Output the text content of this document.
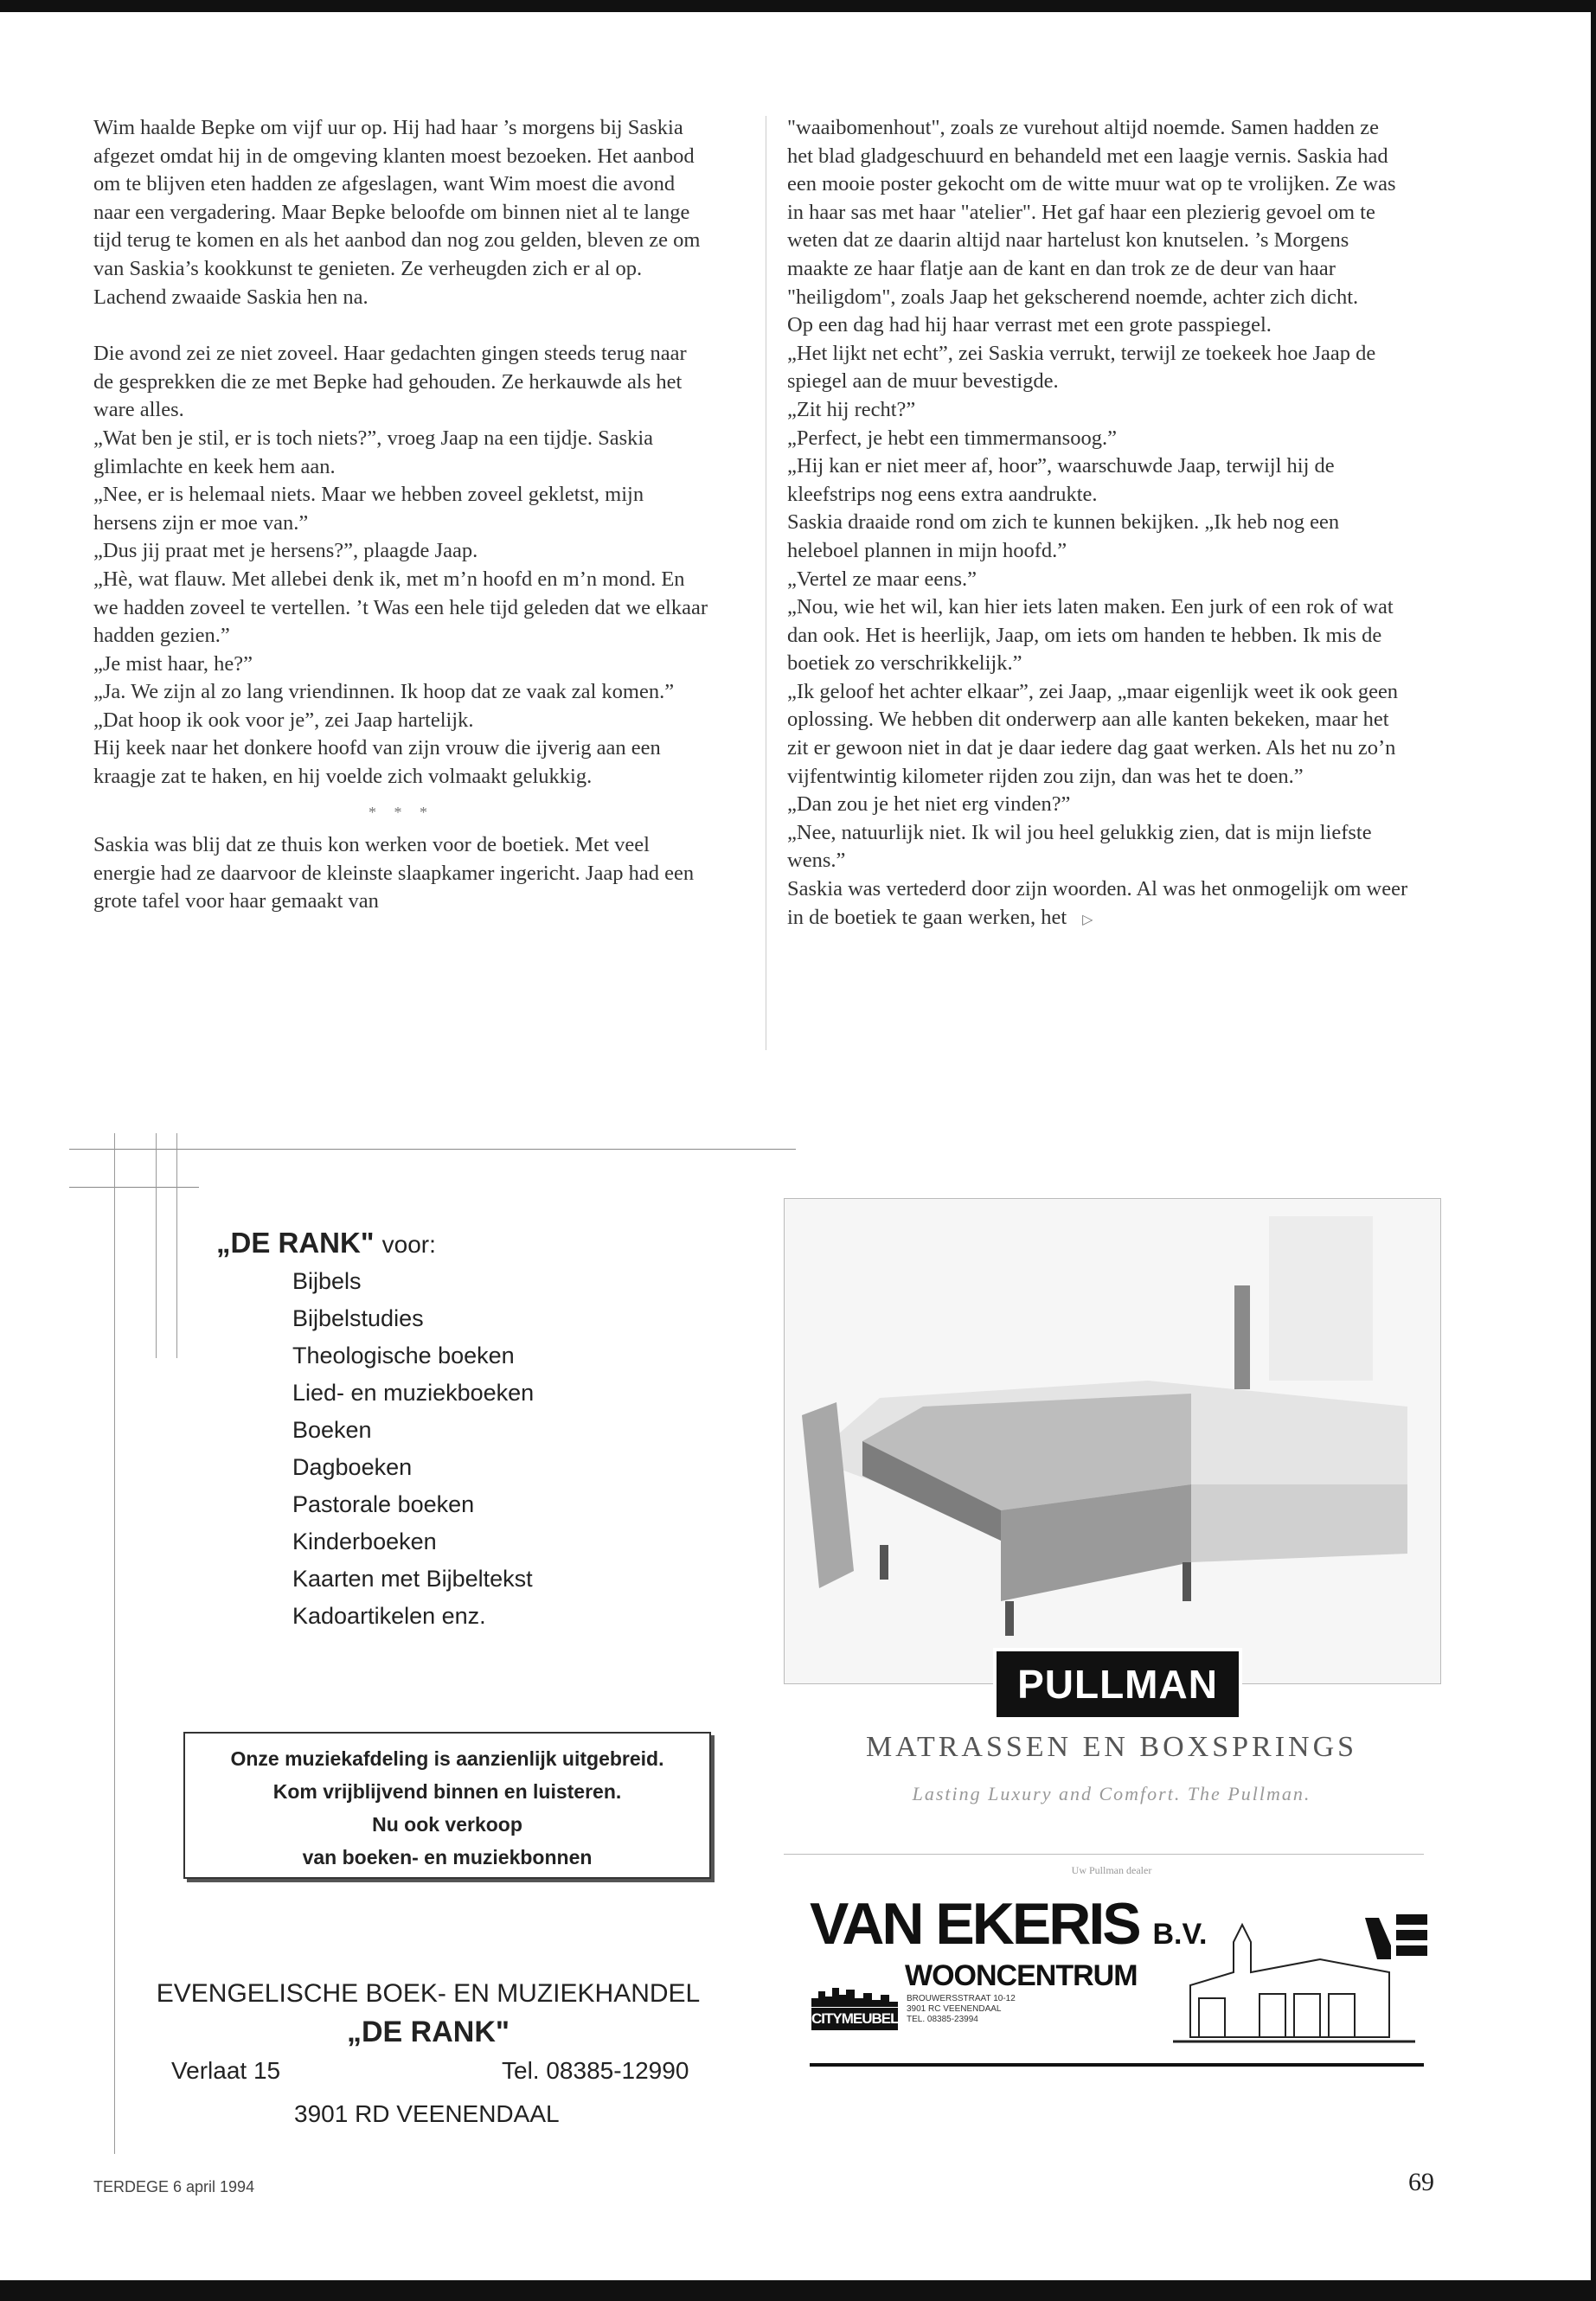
Wim haalde Bepke om vijf uur op. Hij had haar ’s morgens bij Saskia afgezet omdat hij in de omgeving klanten moest bezoeken. Het aanbod om te blijven eten hadden ze afgeslagen, want Wim moest die avond naar een vergadering. Maar Bepke beloofde om binnen niet al te lange tijd terug te komen en als het aanbod dan nog zou gelden, bleven ze om van Saskia’s kookkunst te genieten. Ze verheugden zich er al op.

Lachend zwaaide Saskia hen na.

Die avond zei ze niet zoveel. Haar gedachten gingen steeds terug naar de gesprekken die ze met Bepke had gehouden. Ze herkauwde als het ware alles.

„Wat ben je stil, er is toch niets?”, vroeg Jaap na een tijdje. Saskia glimlachte en keek hem aan.

„Nee, er is helemaal niets. Maar we hebben zoveel gekletst, mijn hersens zijn er moe van.”

„Dus jij praat met je hersens?”, plaagde Jaap.

„Hè, wat flauw. Met allebei denk ik, met m’n hoofd en m’n mond. En we hadden zoveel te vertellen. ’t Was een hele tijd geleden dat we elkaar hadden gezien.”

„Je mist haar, he?”

„Ja. We zijn al zo lang vriendinnen. Ik hoop dat ze vaak zal komen.”

„Dat hoop ik ook voor je”, zei Jaap hartelijk.

Hij keek naar het donkere hoofd van zijn vrouw die ijverig aan een kraagje zat te haken, en hij voelde zich volmaakt gelukkig.

* * *

Saskia was blij dat ze thuis kon werken voor de boetiek. Met veel energie had ze daarvoor de kleinste slaapkamer ingericht. Jaap had een grote tafel voor haar gemaakt van

"waaibomenhout", zoals ze vurehout altijd noemde. Samen hadden ze het blad gladgeschuurd en behandeld met een laagje vernis. Saskia had een mooie poster gekocht om de witte muur wat op te vrolijken. Ze was in haar sas met haar "atelier". Het gaf haar een plezierig gevoel om te weten dat ze daarin altijd naar hartelust kon knutselen. ’s Morgens maakte ze haar flatje aan de kant en dan trok ze de deur van haar "heiligdom", zoals Jaap het gekscherend noemde, achter zich dicht.

Op een dag had hij haar verrast met een grote passpiegel.

„Het lijkt net echt”, zei Saskia verrukt, terwijl ze toekeek hoe Jaap de spiegel aan de muur bevestigde.

„Zit hij recht?”

„Perfect, je hebt een timmermansoog.”

„Hij kan er niet meer af, hoor”, waarschuwde Jaap, terwijl hij de kleefstrips nog eens extra aandrukte.

Saskia draaide rond om zich te kunnen bekijken. „Ik heb nog een heleboel plannen in mijn hoofd.”

„Vertel ze maar eens.”

„Nou, wie het wil, kan hier iets laten maken. Een jurk of een rok of wat dan ook. Het is heerlijk, Jaap, om iets om handen te hebben. Ik mis de boetiek zo verschrikkelijk.”

„Ik geloof het achter elkaar”, zei Jaap, „maar eigenlijk weet ik ook geen oplossing. We hebben dit onderwerp aan alle kanten bekeken, maar het zit er gewoon niet in dat je daar iedere dag gaat werken. Als het nu zo’n vijfentwintig kilometer rijden zou zijn, dan was het te doen.”

„Dan zou je het niet erg vinden?”

„Nee, natuurlijk niet. Ik wil jou heel gelukkig zien, dat is mijn liefste wens.”

Saskia was vertederd door zijn woorden. Al was het onmogelijk om weer in de boetiek te gaan werken, het ▷

„DE RANK" voor:
Bijbels
Bijbelstudies
Theologische boeken
Lied- en muziekboeken
Boeken
Dagboeken
Pastorale boeken
Kinderboeken
Kaarten met Bijbeltekst
Kadoartikelen enz.
Onze muziekafdeling is aanzienlijk uitgebreid.
Kom vrijblijvend binnen en luisteren.
Nu ook verkoop
van boeken- en muziekbonnen
EVENGELISCHE BOEK- EN MUZIEKHANDEL
„DE RANK"
Verlaat 15	Tel. 08385-12990
3901 RD VEENENDAAL
PULLMAN
MATRASSEN EN BOXSPRINGS
Lasting Luxury and Comfort. The Pullman.
Uw Pullman dealer
VAN EKERIS B.V.
WOONCENTRUM
CITYMEUBEL
BROUWERSSTRAAT 10-12
3901 RC VEENENDAAL
TEL. 08385-23994
TERDEGE 6 april 1994	69
